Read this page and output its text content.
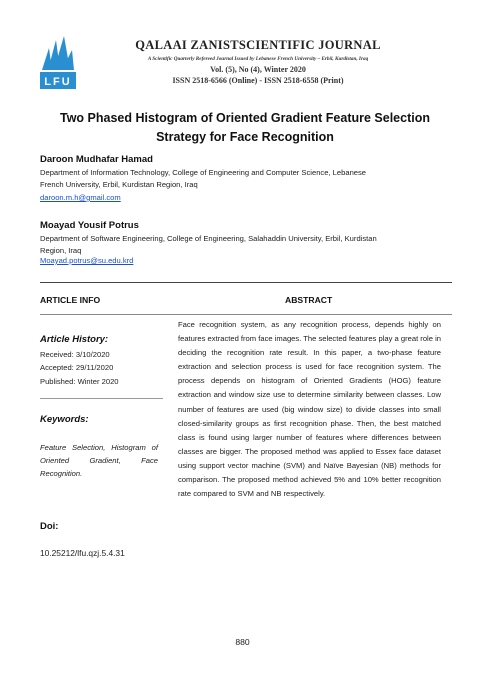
LFU
QALAAI ZANISTSCIENTIFIC JOURNAL
A Scientific Quarterly Refereed Journal Issued by Lebanese French University – Erbil, Kurdistan, Iraq
Vol. (5), No (4), Winter 2020
ISSN 2518-6566 (Online) - ISSN 2518-6558 (Print)
Two Phased Histogram of Oriented Gradient Feature Selection
Strategy for Face Recognition
Daroon Mudhafar Hamad
Department of Information Technology, College of Engineering and Computer Science, Lebanese
French University, Erbil, Kurdistan Region, Iraq
daroon.m.h@gmail.com
Moayad Yousif Potrus
Department of Software Engineering, College of Engineering, Salahaddin University, Erbil, Kurdistan
Region, Iraq
Moayad.potrus@su.edu.krd
ARTICLE INFO	ABSTRACT
Article History:
Received: 3/10/2020
Accepted: 29/11/2020
Published: Winter 2020
Keywords:
Feature Selection, Histogram of Oriented Gradient, Face Recognition.
Doi:
10.25212/lfu.qzj.5.4.31
Face recognition system, as any recognition process, depends highly on features extracted from face images. The selected features play a great role in deciding the recognition rate result. In this paper, a two-phase feature extraction and selection process is used for face recognition system. The process depends on histogram of Oriented Gradients (HOG) feature extraction and window size use to determine similarity between classes. Low number of features are used (big window size) to divide classes into small closed-similarity groups as first recognition phase. Then, the best matched class is found using larger number of features where differences between classes are bigger. The proposed method was applied to Essex face dataset using support vector machine (SVM) and Naïve Bayesian (NB) methods for comparison. The proposed method achieved 5% and 10% better recognition rate compared to SVM and NB respectively.
880
